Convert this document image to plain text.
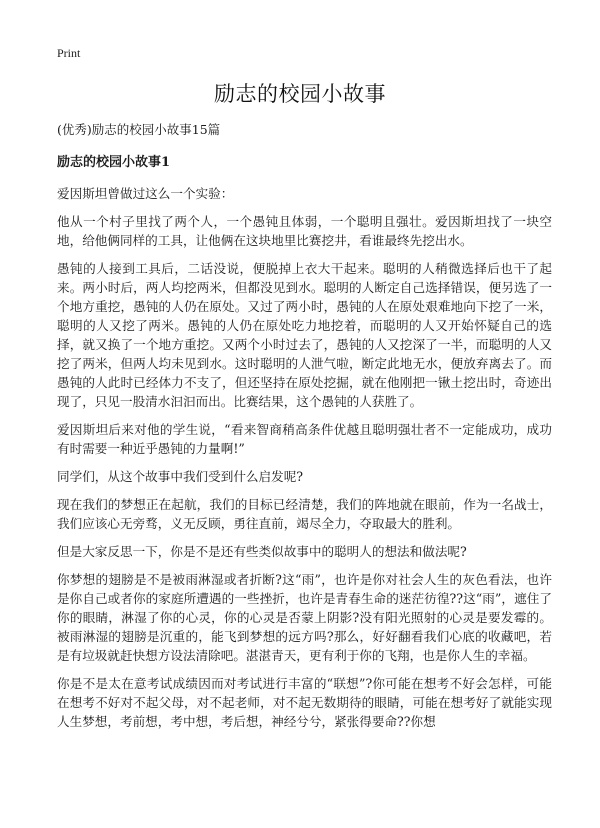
Print
励志的校园小故事

(优秀)励志的校园小故事15篇

励志的校园小故事1

爱因斯坦曾做过这么一个实验：

他从一个村子里找了两个人，一个愚钝且体弱，一个聪明且强壮。爱因斯坦找了一块空地，给他俩同样的工具，让他俩在这块地里比赛挖井，看谁最终先挖出水。

愚钝的人接到工具后，二话没说，便脱掉上衣大干起来。聪明的人稍微选择后也干了起来。两小时后，两人均挖两米，但都没见到水。聪明的人断定自己选择错误，便另选了一个地方重挖，愚钝的人仍在原处。又过了两小时，愚钝的人在原处艰难地向下挖了一米，聪明的人又挖了两米。愚钝的人仍在原处吃力地挖着，而聪明的人又开始怀疑自己的选择，就又换了一个地方重挖。又两个小时过去了，愚钝的人又挖深了一半，而聪明的人又挖了两米，但两人均未见到水。这时聪明的人泄气啦，断定此地无水，便放弃离去了。而愚钝的人此时已经体力不支了，但还坚持在原处挖掘，就在他刚把一锹土挖出时，奇迹出现了，只见一股清水汩汩而出。比赛结果，这个愚钝的人获胜了。

爱因斯坦后来对他的学生说，“看来智商稍高条件优越且聪明强壮者不一定能成功，成功有时需要一种近乎愚钝的力量啊!”

同学们，从这个故事中我们受到什么启发呢?

现在我们的梦想正在起航，我们的目标已经清楚，我们的阵地就在眼前，作为一名战士，我们应该心无旁骛，义无反顾，勇往直前，竭尽全力，夺取最大的胜利。

但是大家反思一下，你是不是还有些类似故事中的聪明人的想法和做法呢?

你梦想的翅膀是不是被雨淋湿或者折断?这“雨”，也许是你对社会人生的灰色看法，也许是你自己或者你的家庭所遭遇的一些挫折，也许是青春生命的迷茫彷徨??这“雨”，遮住了你的眼睛，淋湿了你的心灵，你的心灵是否蒙上阴影?没有阳光照射的心灵是要发霉的。被雨淋湿的翅膀是沉重的，能飞到梦想的远方吗?那么，好好翻看我们心底的收藏吧，若是有垃圾就赶快想方设法清除吧。湛湛青天，更有利于你的飞翔，也是你人生的幸福。

你是不是太在意考试成绩因而对考试进行丰富的“联想”?你可能在想考不好会怎样，可能在想考不好对不起父母，对不起老师，对不起无数期待的眼睛，可能在想考好了就能实现人生梦想，考前想，考中想，考后想，神经兮兮，紧张得要命??你想
